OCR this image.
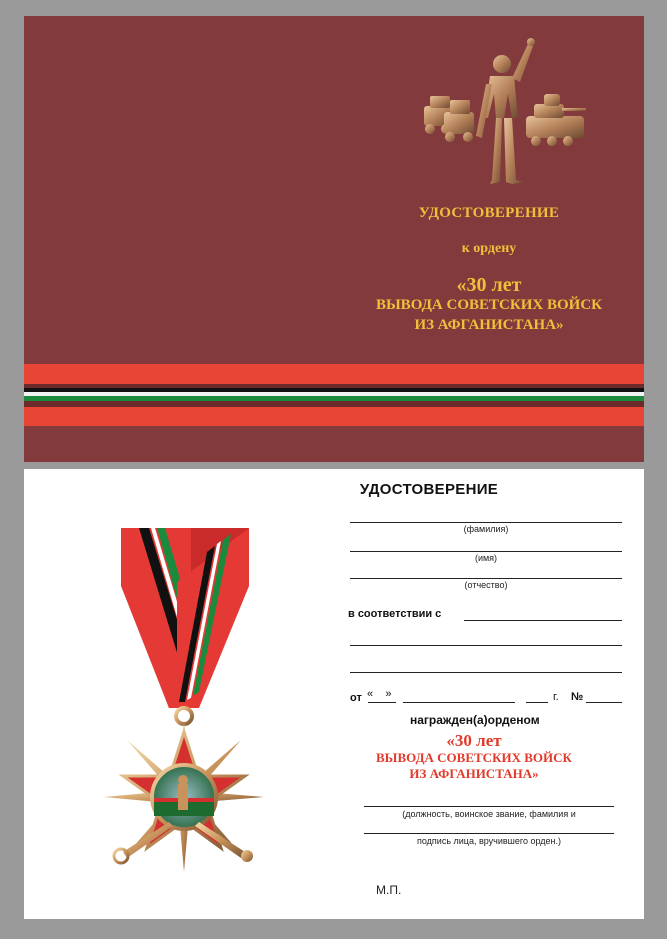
УДОСТОВЕРЕНИЕ
к ордену
«30 лет
ВЫВОДА СОВЕТСКИХ ВОЙСК
ИЗ АФГАНИСТАНА»
УДОСТОВЕРЕНИЕ
(фамилия)
(имя)
(отчество)
в соответствии с
от «    »	г. №
награжден(а)орденом
«30 лет
ВЫВОДА СОВЕТСКИХ ВОЙСК
ИЗ АФГАНИСТАНА»
(должность, воинское звание, фамилия и
подпись лица, вручившего орден.)
М.П.
